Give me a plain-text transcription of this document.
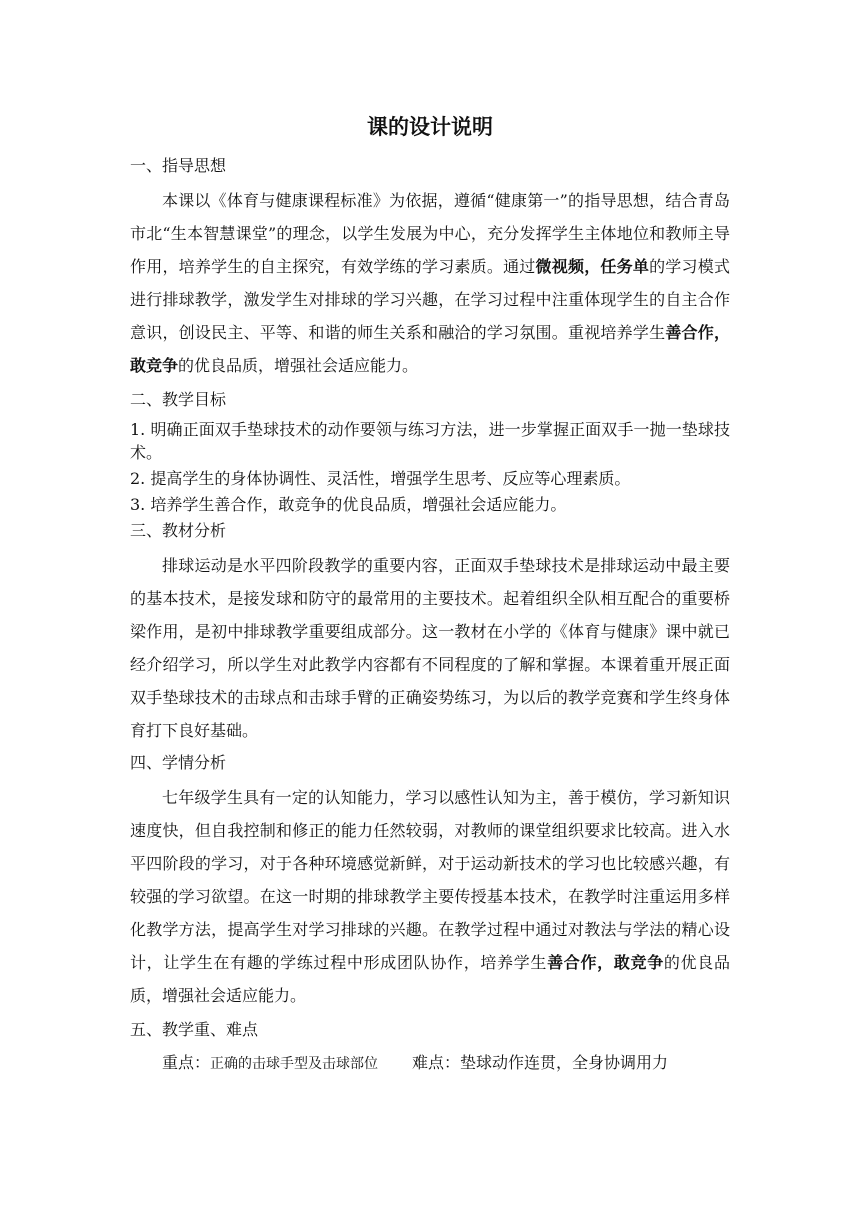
课的设计说明
一、指导思想
本课以《体育与健康课程标准》为依据，遵循“健康第一”的指导思想，结合青岛市北“生本智慧课堂”的理念，以学生发展为中心，充分发挥学生主体地位和教师主导作用，培养学生的自主探究，有效学练的学习素质。通过微视频，任务单的学习模式进行排球教学，激发学生对排球的学习兴趣，在学习过程中注重体现学生的自主合作意识，创设民主、平等、和谐的师生关系和融洽的学习氛围。重视培养学生善合作，敢竞争的优良品质，增强社会适应能力。
二、教学目标
1. 明确正面双手垫球技术的动作要领与练习方法，进一步掌握正面双手一抛一垫球技术。
2. 提高学生的身体协调性、灵活性，增强学生思考、反应等心理素质。
3. 培养学生善合作，敢竞争的优良品质，增强社会适应能力。
三、教材分析
排球运动是水平四阶段教学的重要内容，正面双手垫球技术是排球运动中最主要的基本技术，是接发球和防守的最常用的主要技术。起着组织全队相互配合的重要桥梁作用，是初中排球教学重要组成部分。这一教材在小学的《体育与健康》课中就已经介绍学习，所以学生对此教学内容都有不同程度的了解和掌握。本课着重开展正面双手垫球技术的击球点和击球手臂的正确姿势练习，为以后的教学竞赛和学生终身体育打下良好基础。
四、学情分析
七年级学生具有一定的认知能力，学习以感性认知为主，善于模仿，学习新知识速度快，但自我控制和修正的能力任然较弱，对教师的课堂组织要求比较高。进入水平四阶段的学习，对于各种环境感觉新鲜，对于运动新技术的学习也比较感兴趣，有较强的学习欲望。在这一时期的排球教学主要传授基本技术，在教学时注重运用多样化教学方法，提高学生对学习排球的兴趣。在教学过程中通过对教法与学法的精心设计，让学生在有趣的学练过程中形成团队协作，培养学生善合作，敢竞争的优良品质，增强社会适应能力。
五、教学重、难点
重点：正确的击球手型及击球部位 难点：垫球动作连贯，全身协调用力
